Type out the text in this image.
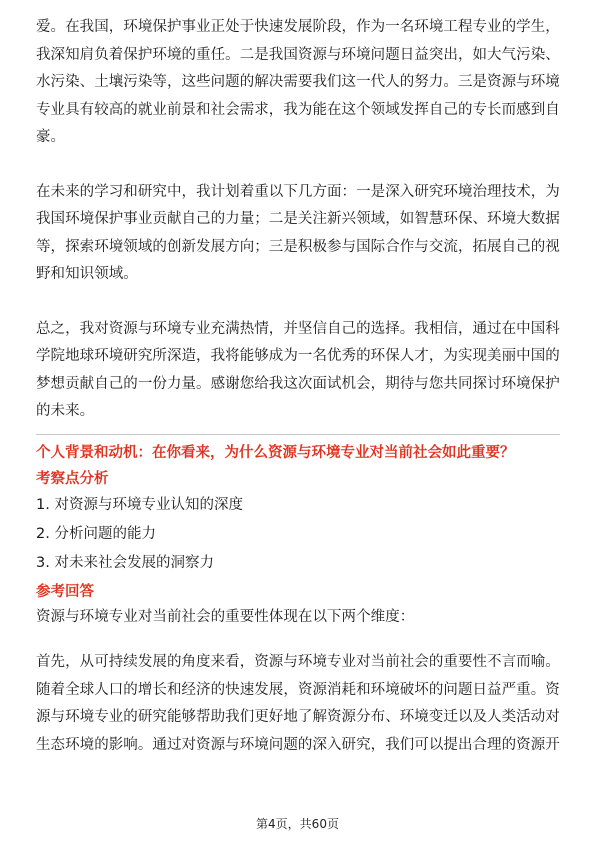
爱。在我国，环境保护事业正处于快速发展阶段，作为一名环境工程专业的学生，我深知肩负着保护环境的重任。二是我国资源与环境问题日益突出，如大气污染、水污染、土壤污染等，这些问题的解决需要我们这一代人的努力。三是资源与环境专业具有较高的就业前景和社会需求，我为能在这个领域发挥自己的专长而感到自豪。

在未来的学习和研究中，我计划着重以下几方面：一是深入研究环境治理技术，为我国环境保护事业贡献自己的力量；二是关注新兴领域，如智慧环保、环境大数据等，探索环境领域的创新发展方向；三是积极参与国际合作与交流，拓展自己的视野和知识领域。

总之，我对资源与环境专业充满热情，并坚信自己的选择。我相信，通过在中国科学院地球环境研究所深造，我将能够成为一名优秀的环保人才，为实现美丽中国的梦想贡献自己的一份力量。感谢您给我这次面试机会，期待与您共同探讨环境保护的未来。

个人背景和动机：在你看来，为什么资源与环境专业对当前社会如此重要？

考察点分析

1. 对资源与环境专业认知的深度
2. 分析问题的能力
3. 对未来社会发展的洞察力

参考回答

资源与环境专业对当前社会的重要性体现在以下两个维度：

首先，从可持续发展的角度来看，资源与环境专业对当前社会的重要性不言而喻。随着全球人口的增长和经济的快速发展，资源消耗和环境破坏的问题日益严重。资源与环境专业的研究能够帮助我们更好地了解资源分布、环境变迁以及人类活动对生态环境的影响。通过对资源与环境问题的深入研究，我们可以提出合理的资源开

第4页，共60页
